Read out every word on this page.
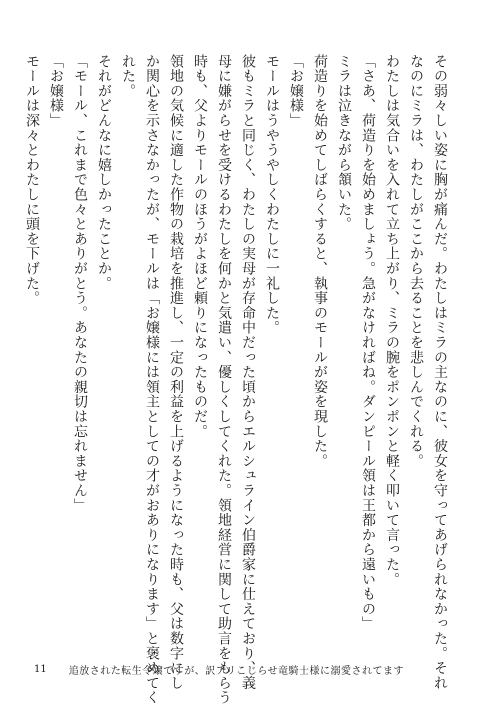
その弱々しい姿に胸が痛んだ。わたしはミラの主なのに、彼女を守ってあげられなかった。それ
なのにミラは、わたしがここから去ることを悲しんでくれる。
わたしは気合いを入れて立ち上がり、ミラの腕をポンポンと軽く叩いて言った。
「さあ、荷造りを始めましょう。急がなければね。ダンピール領は王都から遠いもの」
ミラは泣きながら頷いた。
荷造りを始めてしばらくすると、執事のモールが姿を現した。
「お嬢様」
モールはうやうやしくわたしに一礼した。
彼もミラと同じく、わたしの実母が存命中だった頃からエルシュライン伯爵家に仕えており、義
母に嫌がらせを受けるわたしを何かと気遣い、優しくしてくれた。領地経営に関して助言をもらう
時も、父よりモールのほうがよほど頼りになったものだ。
領地の気候に適した作物の栽培を推進し、一定の利益を上げるようになった時も、父は数字にし
か関心を示さなかったが、モールは「お嬢様には領主としての才がおありになります」と褒めてく
れた。
それがどんなに嬉しかったことか。
「モール、これまで色々とありがとう。あなたの親切は忘れません」
「お嬢様」
モールは深々とわたしに頭を下げた。
11 追放された転生令嬢ですが、訳アリこじらせ竜騎士様に溺愛されてます
